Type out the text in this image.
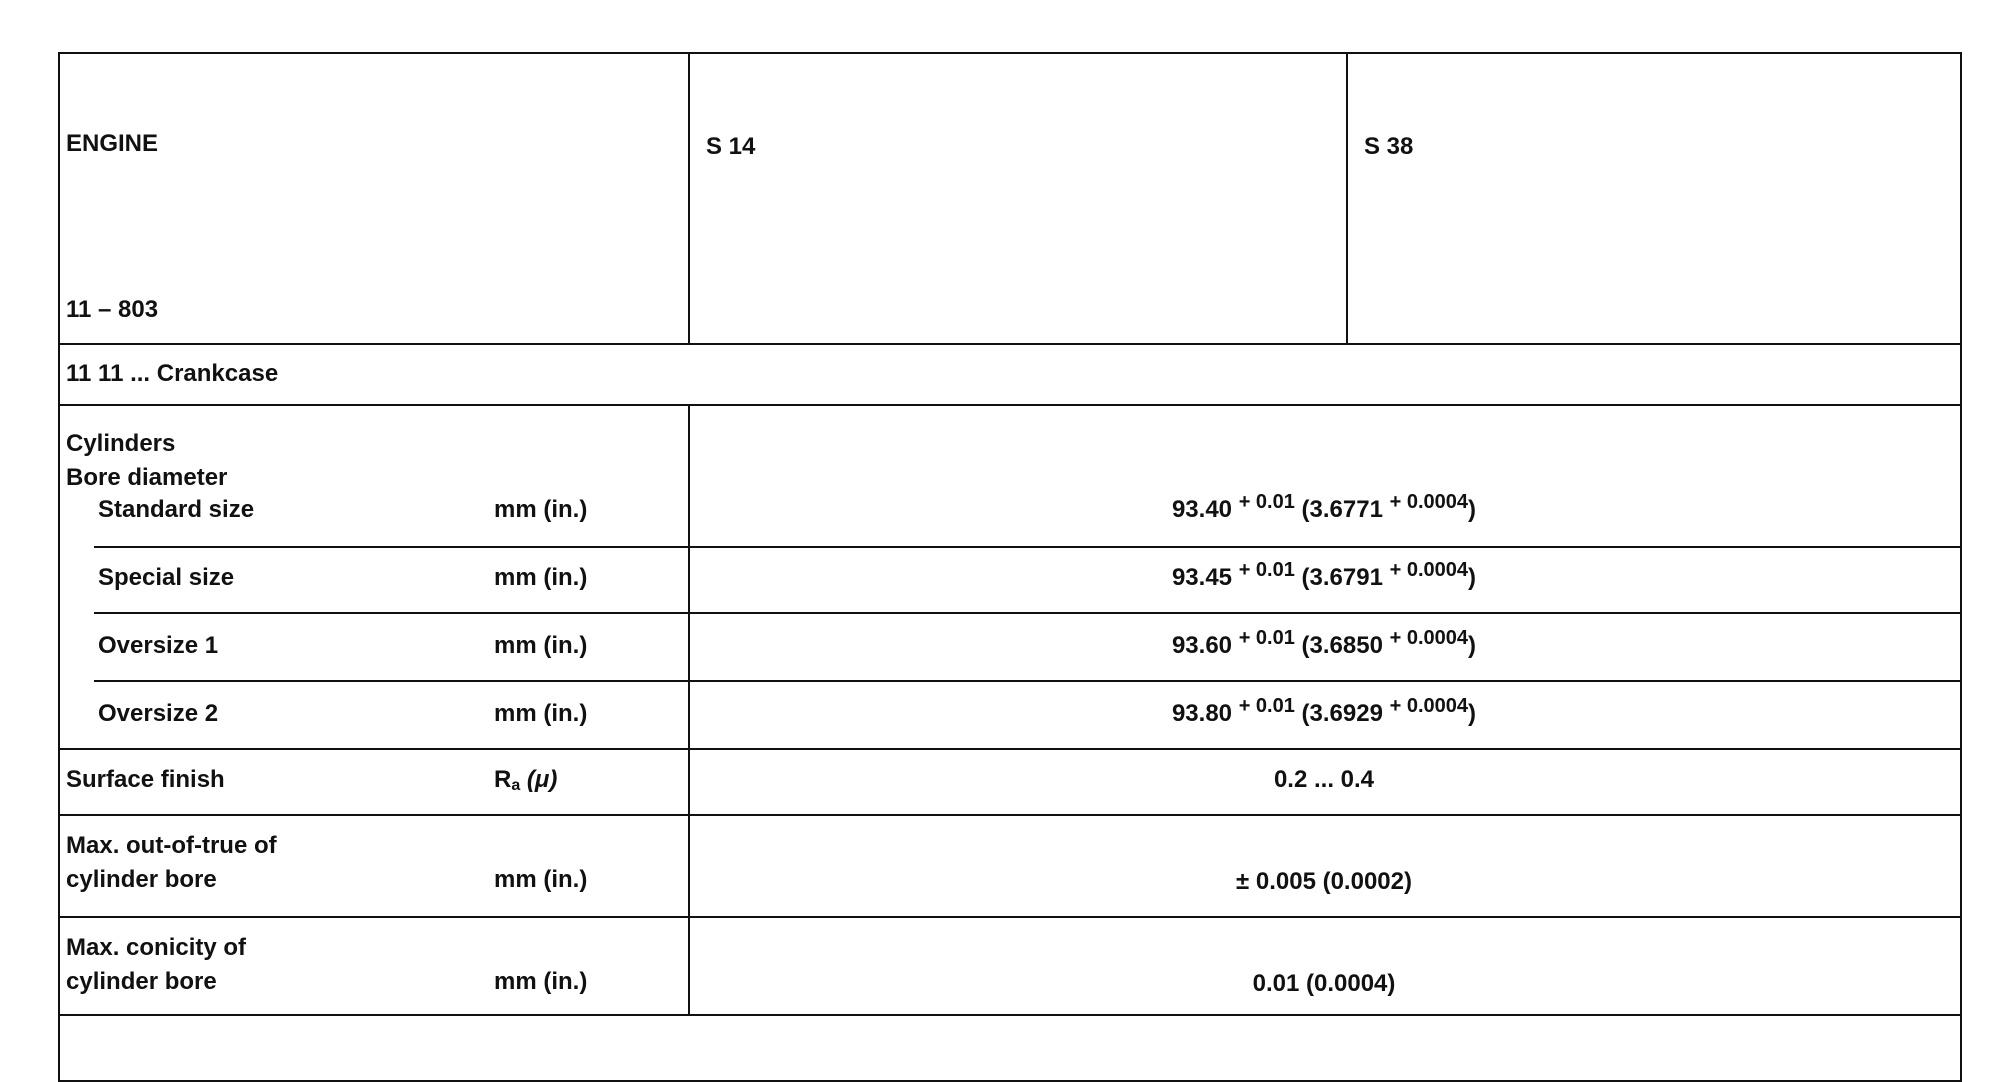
ENGINE
11 – 803
S 14	S 38
11 11 ... Crankcase
Cylinders
Bore diameter
Standard size	mm (in.)	93.40 $^{+ 0.01}$ (3.6771 $^{+ 0.0004}$)
Special size	mm (in.)	93.45 $^{+ 0.01}$ (3.6791 $^{+ 0.0004}$)
Oversize 1	mm (in.)	93.60 $^{+ 0.01}$ (3.6850 $^{+ 0.0004}$)
Oversize 2	mm (in.)	93.80 $^{+ 0.01}$ (3.6929 $^{+ 0.0004}$)
Surface finish	Ra (μ)	0.2 ... 0.4
Max. out-of-true of
cylinder bore	mm (in.)	± 0.005 (0.0002)
Max. conicity of
cylinder bore	mm (in.)	0.01 (0.0004)
